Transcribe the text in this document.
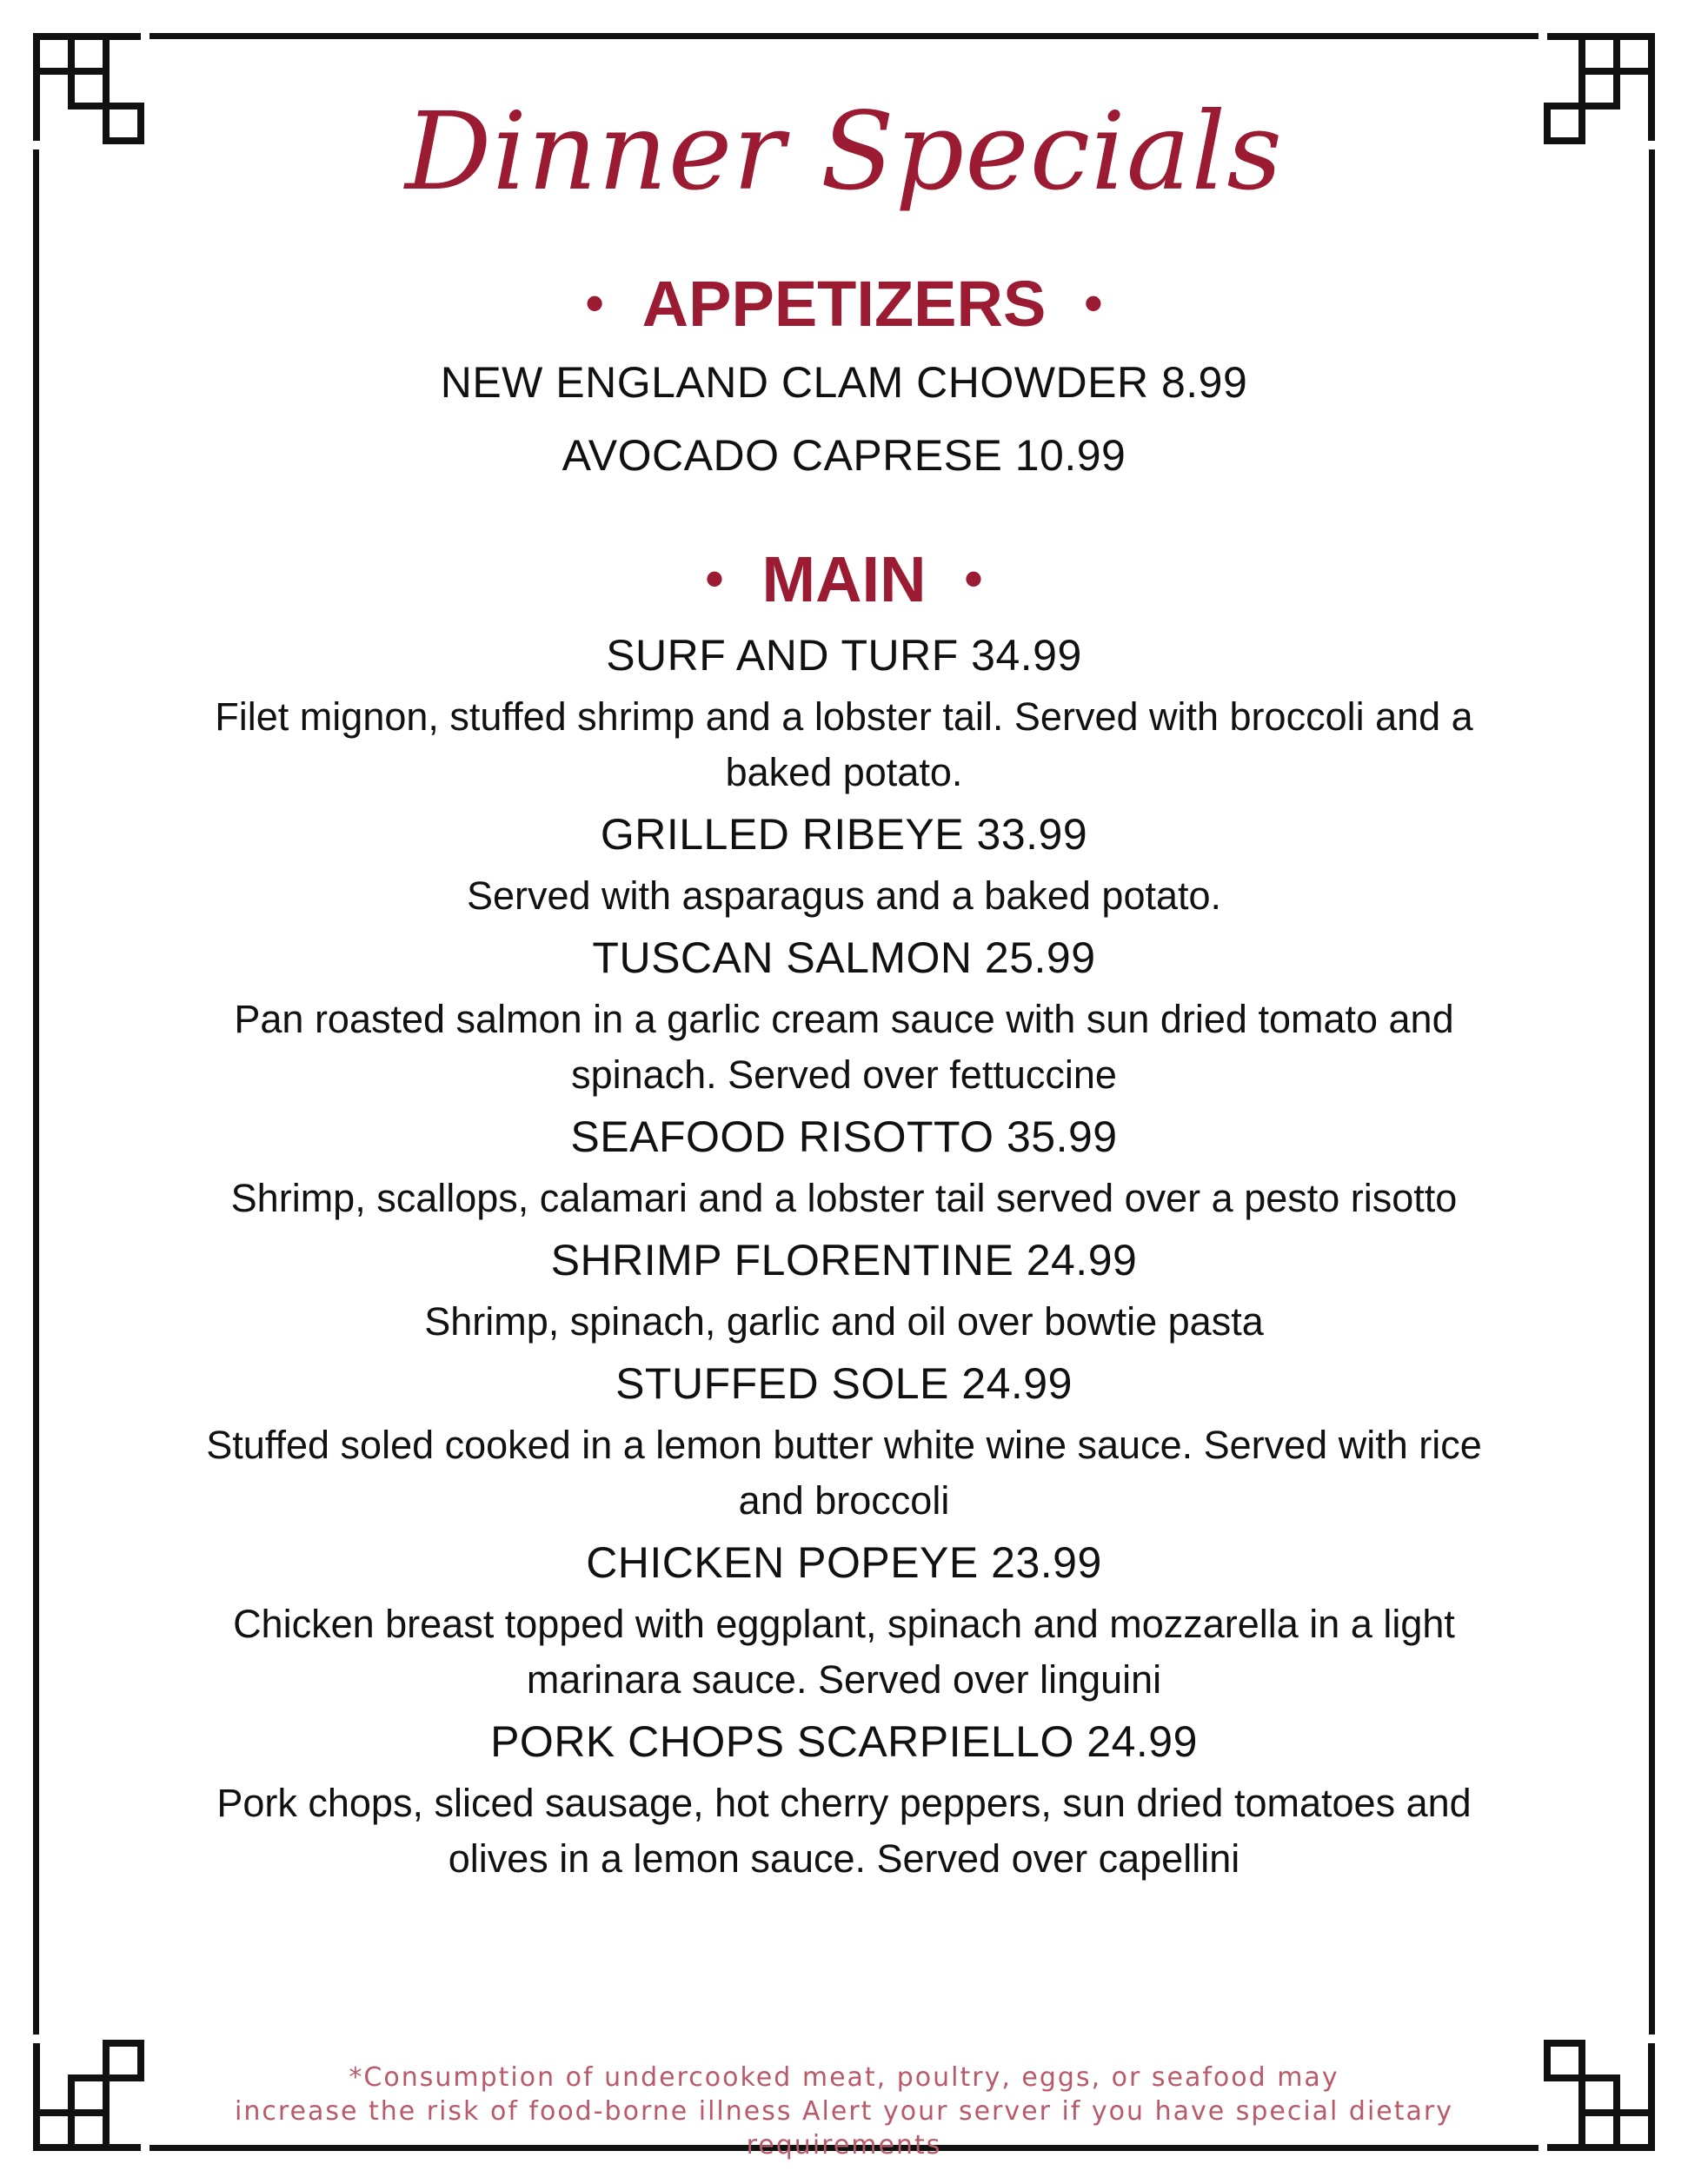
Dinner Specials
• APPETIZERS •

NEW ENGLAND CLAM CHOWDER 8.99

AVOCADO CAPRESE 10.99

• MAIN •

SURF AND TURF 34.99

Filet mignon, stuffed shrimp and a lobster tail. Served with broccoli and a baked potato.

GRILLED RIBEYE 33.99

Served with asparagus and a baked potato.

TUSCAN SALMON 25.99

Pan roasted salmon in a garlic cream sauce with sun dried tomato and spinach. Served over fettuccine

SEAFOOD RISOTTO 35.99

Shrimp, scallops, calamari and a lobster tail served over a pesto risotto

SHRIMP FLORENTINE 24.99

Shrimp, spinach, garlic and oil over bowtie pasta

STUFFED SOLE 24.99

Stuffed soled cooked in a lemon butter white wine sauce. Served with rice and broccoli

CHICKEN POPEYE 23.99

Chicken breast topped with eggplant, spinach and mozzarella in a light marinara sauce. Served over linguini

PORK CHOPS SCARPIELLO 24.99

Pork chops, sliced sausage, hot cherry peppers, sun dried tomatoes and olives in a lemon sauce. Served over capellini

*Consumption of undercooked meat, poultry, eggs, or seafood may
increase the risk of food-borne illness Alert your server if you have special dietary requirements
